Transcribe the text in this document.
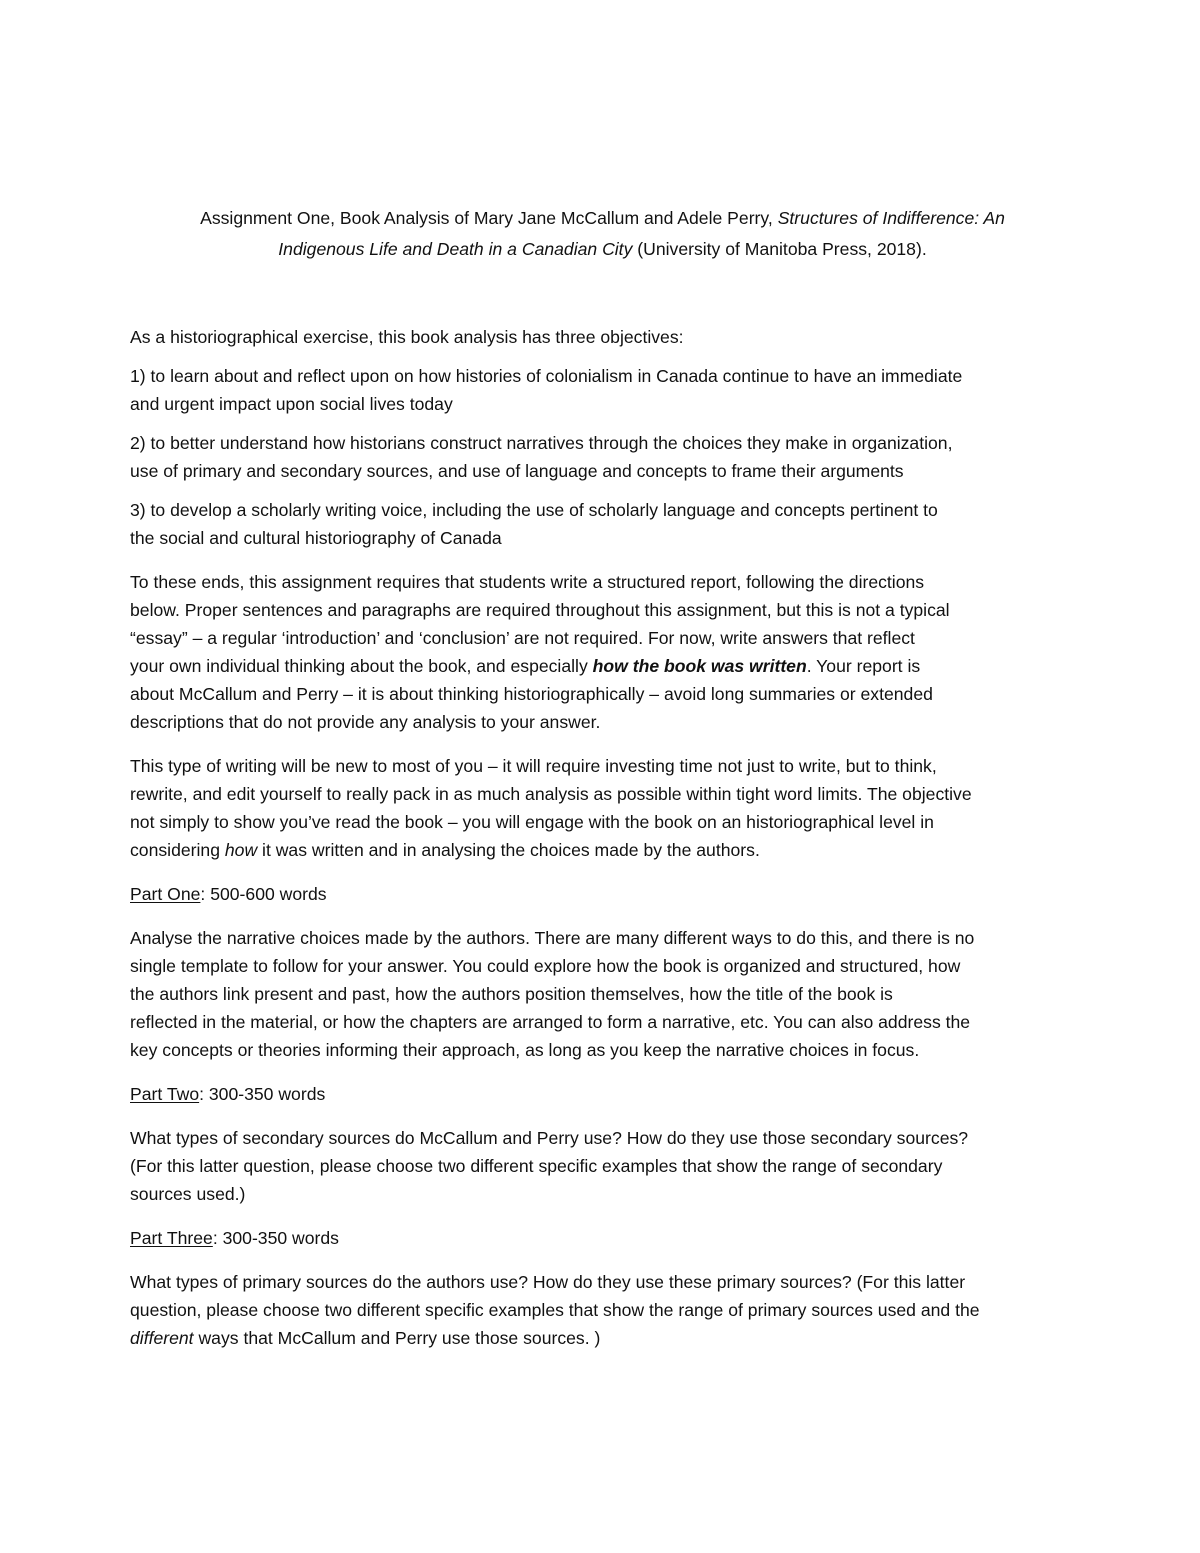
Assignment One, Book Analysis of Mary Jane McCallum and Adele Perry, Structures of Indifference: An
Indigenous Life and Death in a Canadian City (University of Manitoba Press, 2018).

As a historiographical exercise, this book analysis has three objectives:

1) to learn about and reflect upon on how histories of colonialism in Canada continue to have an immediate
and urgent impact upon social lives today

2) to better understand how historians construct narratives through the choices they make in organization,
use of primary and secondary sources, and use of language and concepts to frame their arguments

3) to develop a scholarly writing voice, including the use of scholarly language and concepts pertinent to
the social and cultural historiography of Canada

To these ends, this assignment requires that students write a structured report, following the directions
below. Proper sentences and paragraphs are required throughout this assignment, but this is not a typical
“essay” – a regular ‘introduction’ and ‘conclusion’ are not required. For now, write answers that reflect
your own individual thinking about the book, and especially how the book was written. Your report is
about McCallum and Perry – it is about thinking historiographically – avoid long summaries or extended
descriptions that do not provide any analysis to your answer.

This type of writing will be new to most of you – it will require investing time not just to write, but to think,
rewrite, and edit yourself to really pack in as much analysis as possible within tight word limits. The objective
not simply to show you’ve read the book – you will engage with the book on an historiographical level in
considering how it was written and in analysing the choices made by the authors.

Part One: 500-600 words

Analyse the narrative choices made by the authors. There are many different ways to do this, and there is no
single template to follow for your answer. You could explore how the book is organized and structured, how
the authors link present and past, how the authors position themselves, how the title of the book is
reflected in the material, or how the chapters are arranged to form a narrative, etc. You can also address the
key concepts or theories informing their approach, as long as you keep the narrative choices in focus.

Part Two: 300-350 words

What types of secondary sources do McCallum and Perry use? How do they use those secondary sources?
(For this latter question, please choose two different specific examples that show the range of secondary
sources used.)

Part Three: 300-350 words

What types of primary sources do the authors use? How do they use these primary sources? (For this latter
question, please choose two different specific examples that show the range of primary sources used and the
different ways that McCallum and Perry use those sources. )
